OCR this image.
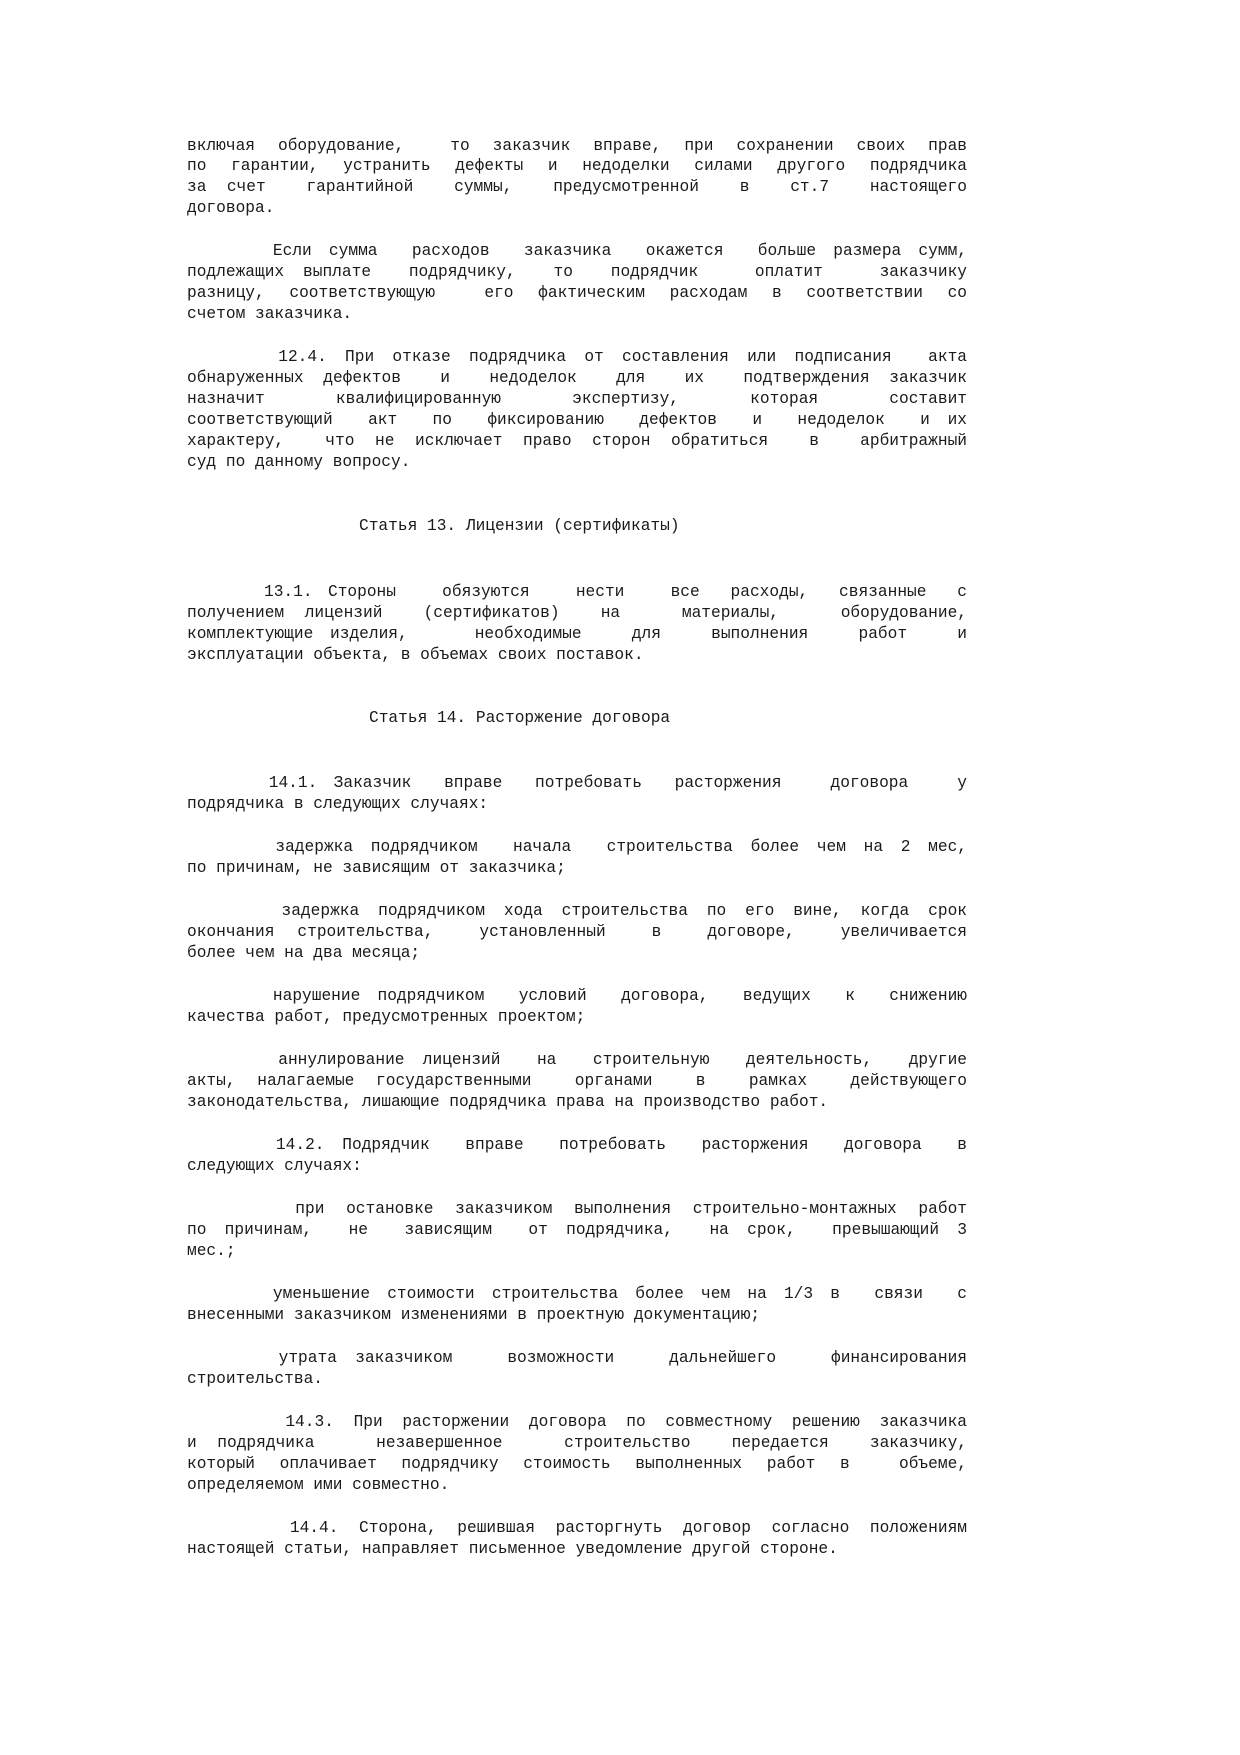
включая оборудование,  то заказчик вправе, при сохранении своих прав
по гарантии, устранить дефекты и недоделки силами другого подрядчика
за счет  гарантийной  суммы,  предусмотренной  в  ст.7  настоящего
договора.
Если сумма  расходов  заказчика  окажется  больше размера сумм,
подлежащих выплате  подрядчику,  то  подрядчик   оплатит   заказчику
разницу, соответствующую  его фактическим расходам в соответствии со
счетом заказчика.
12.4. При отказе подрядчика от составления или подписания  акта
обнаруженных дефектов  и  недоделок  для  их  подтверждения заказчик
назначит    квалифицированную    экспертизу,    которая    составит
соответствующий  акт  по  фиксированию  дефектов  и  недоделок  и их
характеру,  что не исключает право сторон обратиться  в  арбитражный
суд по данному вопросу.
Статья 13. Лицензии (сертификаты)
Статья 14. Расторжение договора
13.1. Стороны   обязуются   нести   все  расходы,  связанные  с
получением лицензий  (сертификатов)  на   материалы,   оборудование,
комплектующие изделия,    необходимые   для   выполнения   работ   и
эксплуатации объекта, в объемах своих поставок.
14.1. Заказчик  вправе  потребовать  расторжения   договора   у
подрядчика в следующих случаях:
задержка подрядчиком  начала  строительства более чем на 2 мес,
по причинам, не зависящим от заказчика;
задержка подрядчиком хода строительства по его вине, когда срок
окончания строительства,  установленный  в  договоре,  увеличивается
более чем на два месяца;
нарушение подрядчиком  условий  договора,  ведущих  к  снижению
качества работ, предусмотренных проектом;
аннулирование лицензий  на  строительную  деятельность,  другие
акты, налагаемые государственными  органами  в  рамках  действующего
законодательства, лишающие подрядчика права на производство работ.
14.2. Подрядчик  вправе  потребовать  расторжения  договора  в
следующих случаях:
при остановке заказчиком выполнения строительно-монтажных работ
по причинам,  не  зависящим  от подрядчика,  на срок,  превышающий 3
мес.;
уменьшение стоимости строительства более чем на 1/3 в  связи  с
внесенными заказчиком изменениями в проектную документацию;
утрата заказчиком   возможности   дальнейшего   финансирования
строительства.
14.3. При расторжении договора по совместному решению заказчика
и подрядчика   незавершенное   строительство  передается  заказчику,
который оплачивает подрядчику стоимость выполненных работ в  объеме,
определяемом ими совместно.
14.4. Сторона, решившая расторгнуть договор согласно положениям
настоящей статьи, направляет письменное уведомление другой стороне.
